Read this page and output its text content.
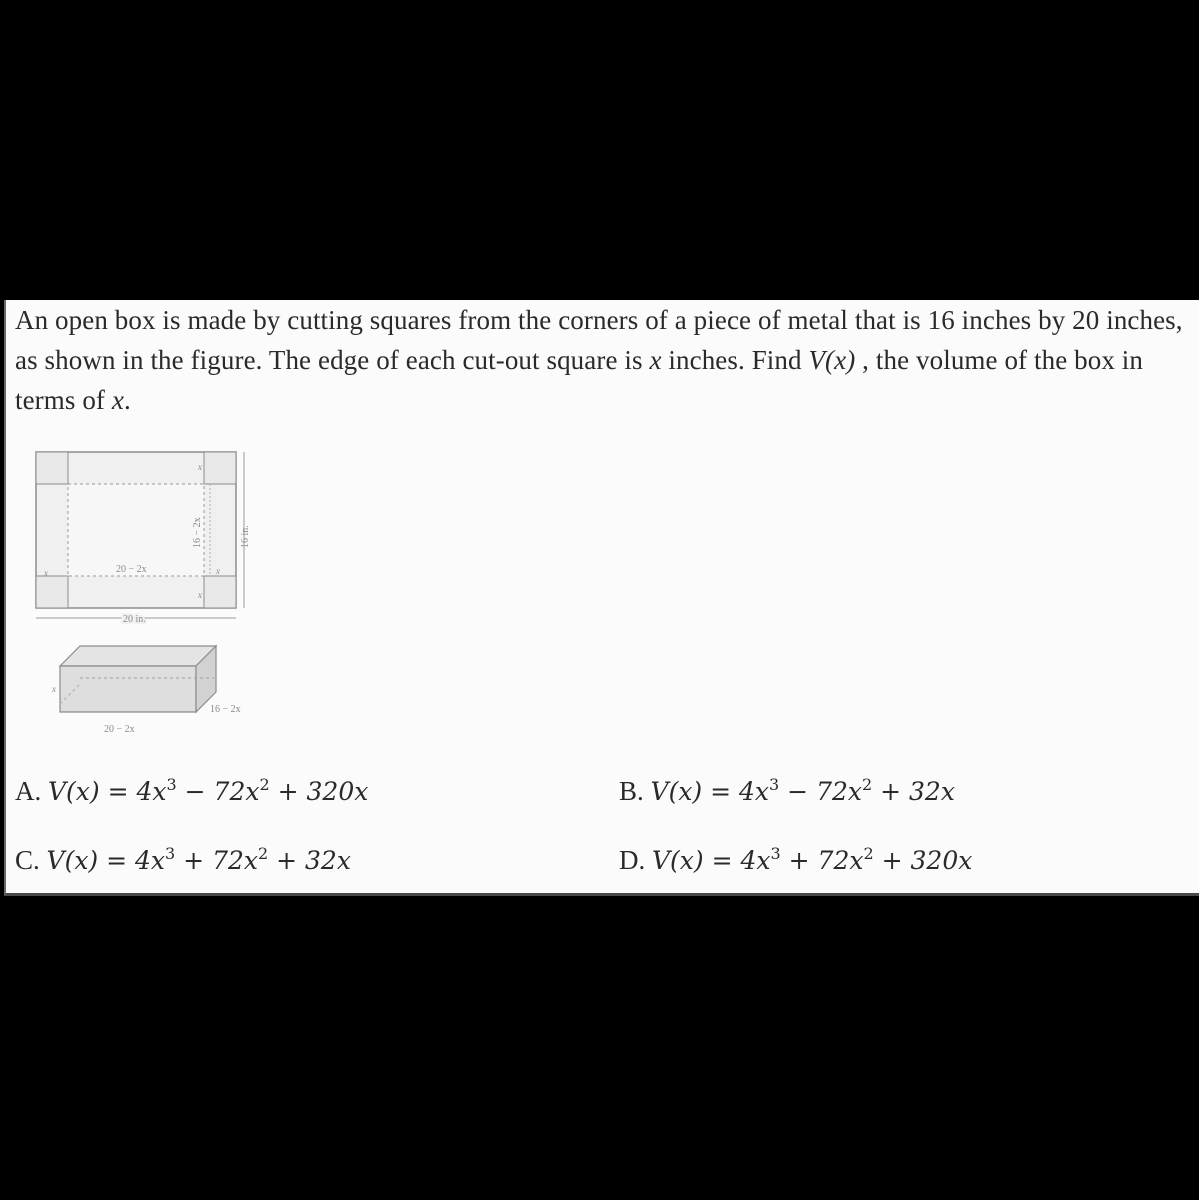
An open box is made by cutting squares from the corners of a piece of metal that is 16 inches by 20 inches, as shown in the figure. The edge of each cut-out square is x inches. Find V(x) , the volume of the box in terms of x.
x
x	x
x
20 − 2x
20 in.
16 − 2x	16 in.
x
16 − 2x
20 − 2x
A. $V(x) = 4x^3 - 72x^2 + 320x$	B. $V(x) = 4x^3 - 72x^2 + 32x$
C. $V(x) = 4x^3 + 72x^2 + 32x$	D. $V(x) = 4x^3 + 72x^2 + 320x$
